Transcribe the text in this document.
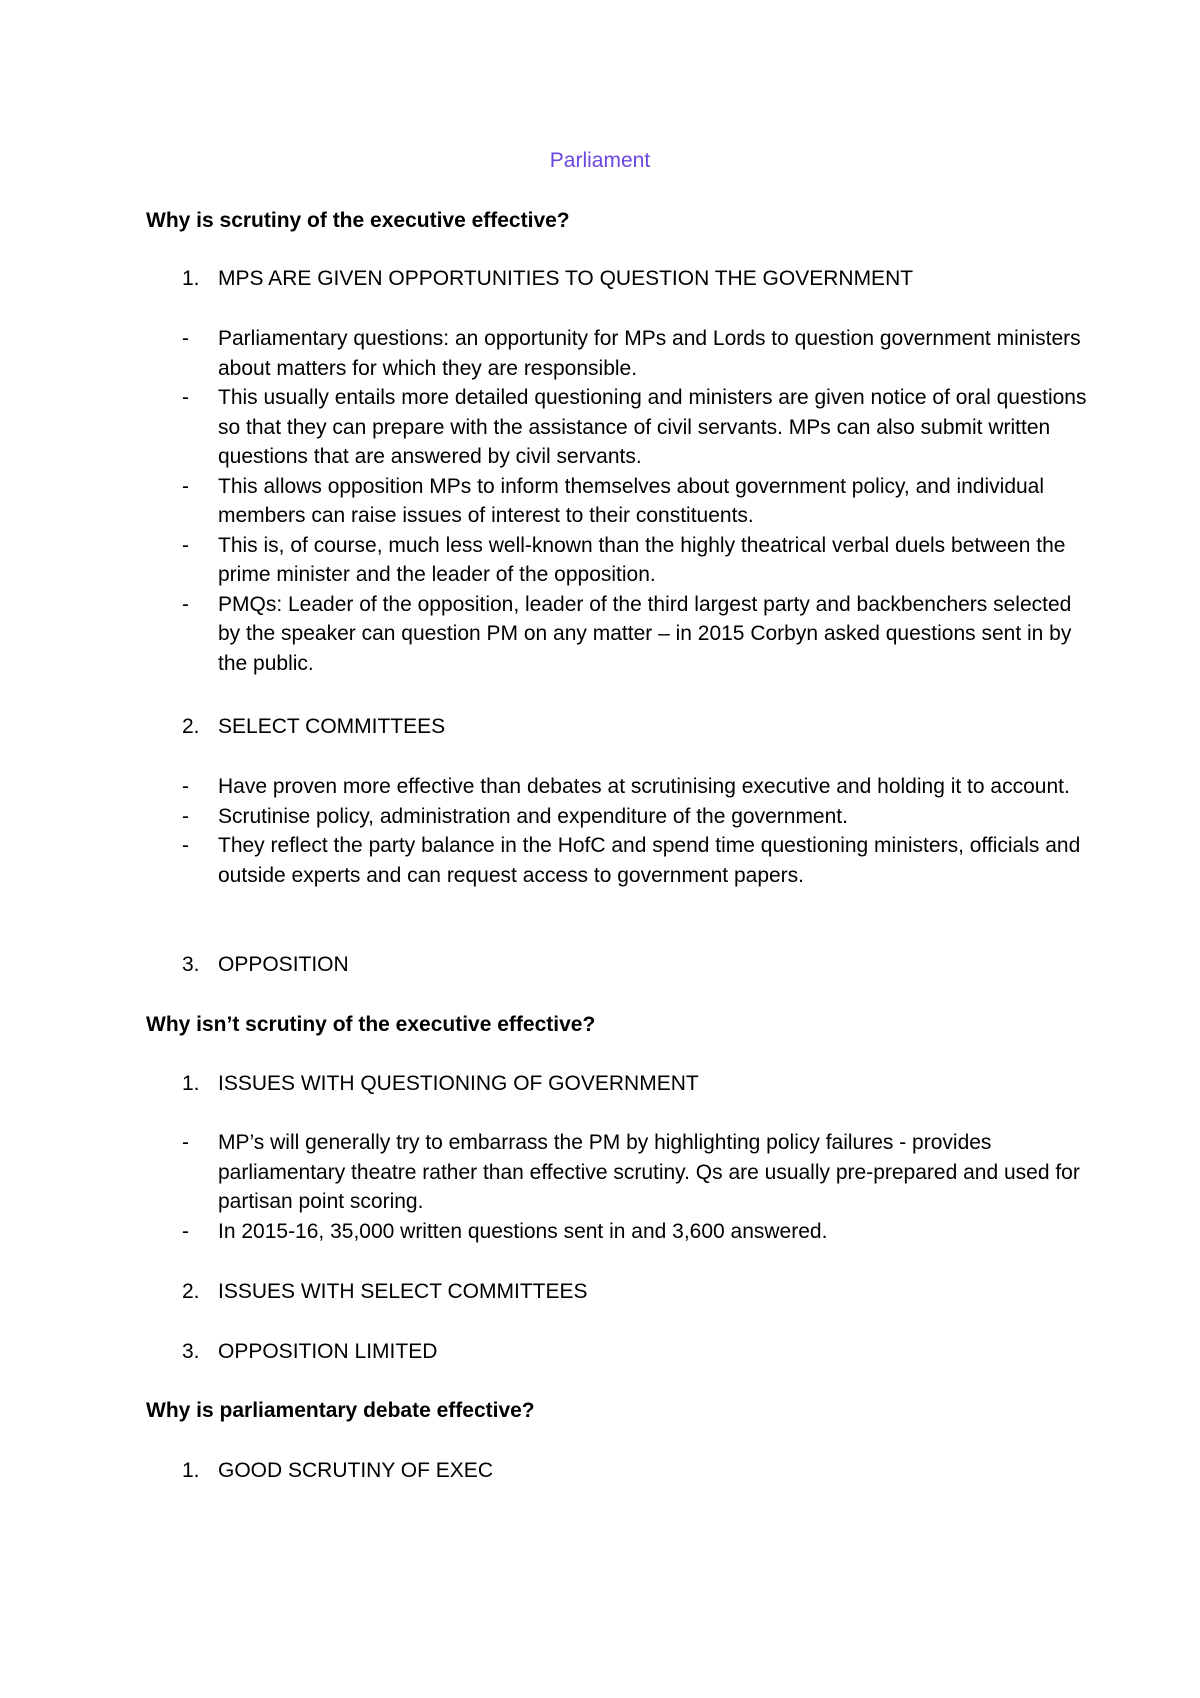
Parliament
Why is scrutiny of the executive effective?
1. MPS ARE GIVEN OPPORTUNITIES TO QUESTION THE GOVERNMENT
- Parliamentary questions: an opportunity for MPs and Lords to question government ministers about matters for which they are responsible.
- This usually entails more detailed questioning and ministers are given notice of oral questions so that they can prepare with the assistance of civil servants. MPs can also submit written questions that are answered by civil servants.
- This allows opposition MPs to inform themselves about government policy, and individual members can raise issues of interest to their constituents.
- This is, of course, much less well-known than the highly theatrical verbal duels between the prime minister and the leader of the opposition.
- PMQs: Leader of the opposition, leader of the third largest party and backbenchers selected by the speaker can question PM on any matter – in 2015 Corbyn asked questions sent in by the public.
2. SELECT COMMITTEES
- Have proven more effective than debates at scrutinising executive and holding it to account.
- Scrutinise policy, administration and expenditure of the government.
- They reflect the party balance in the HofC and spend time questioning ministers, officials and outside experts and can request access to government papers.
3. OPPOSITION
Why isn’t scrutiny of the executive effective?
1. ISSUES WITH QUESTIONING OF GOVERNMENT
- MP’s will generally try to embarrass the PM by highlighting policy failures - provides parliamentary theatre rather than effective scrutiny. Qs are usually pre-prepared and used for partisan point scoring.
- In 2015-16, 35,000 written questions sent in and 3,600 answered.
2. ISSUES WITH SELECT COMMITTEES
3. OPPOSITION LIMITED
Why is parliamentary debate effective?
1. GOOD SCRUTINY OF EXEC
